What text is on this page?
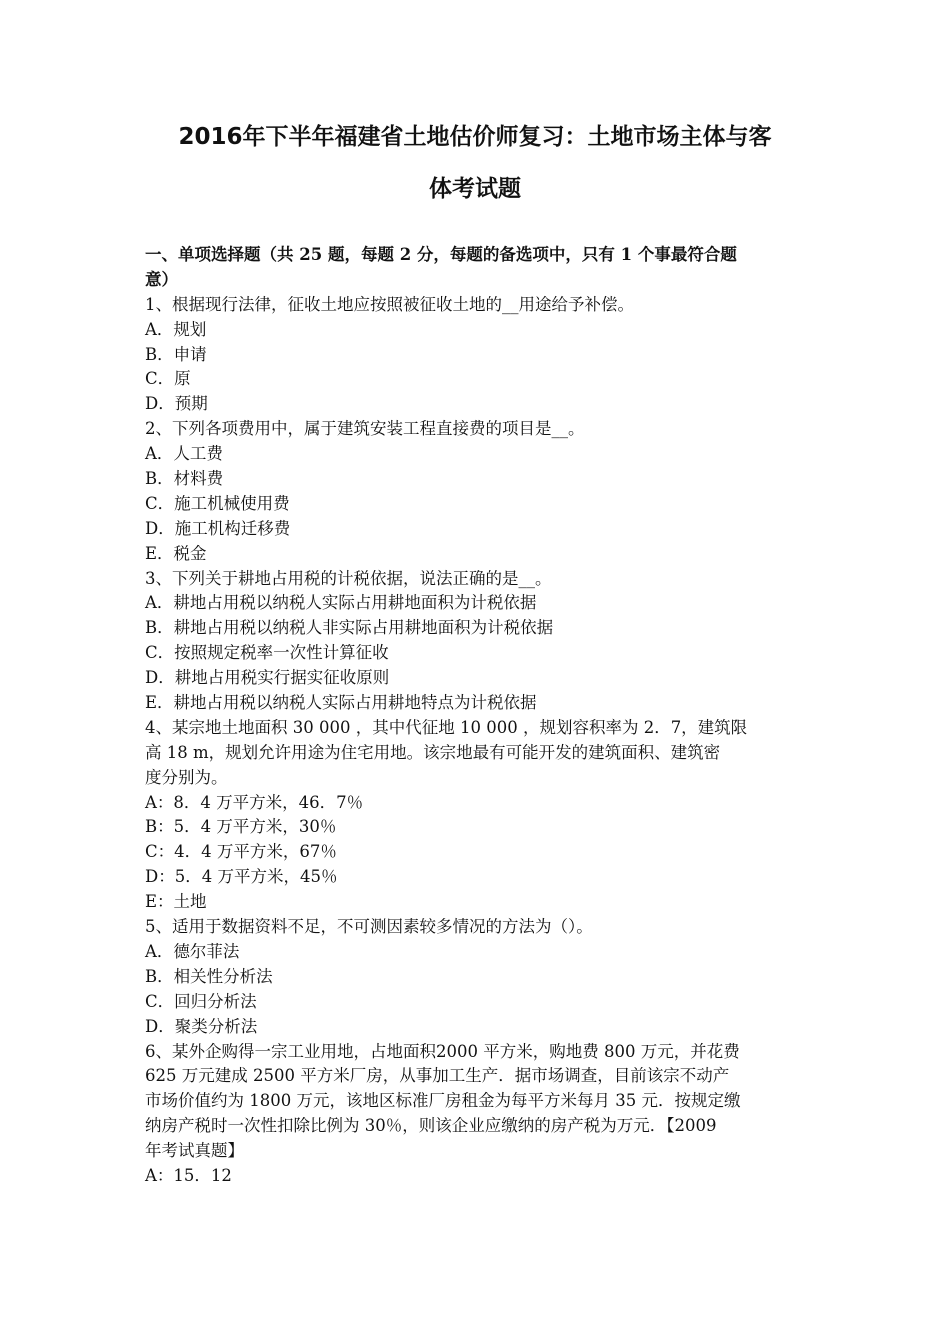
2016年下半年福建省土地估价师复习：土地市场主体与客
体考试题
一、单项选择题（共 25 题，每题 2 分，每题的备选项中，只有 1 个事最符合题
意）
1、根据现行法律，征收土地应按照被征收土地的__用途给予补偿。
A．规划
B．申请
C．原
D．预期
2、下列各项费用中，属于建筑安装工程直接费的项目是__。
A．人工费
B．材料费
C．施工机械使用费
D．施工机构迁移费
E．税金
3、下列关于耕地占用税的计税依据，说法正确的是__。
A．耕地占用税以纳税人实际占用耕地面积为计税依据
B．耕地占用税以纳税人非实际占用耕地面积为计税依据
C．按照规定税率一次性计算征收
D．耕地占用税实行据实征收原则
E．耕地占用税以纳税人实际占用耕地特点为计税依据
4、某宗地土地面积 30 000 ，其中代征地 10 000 ，规划容积率为 2．7，建筑限
高 18 m，规划允许用途为住宅用地。该宗地最有可能开发的建筑面积、建筑密
度分别为。
A：8．4 万平方米，46．7％
B：5．4 万平方米，30％
C：4．4 万平方米，67％
D：5．4 万平方米，45％
E：土地
5、适用于数据资料不足，不可测因素较多情况的方法为（）。
A．德尔菲法
B．相关性分析法
C．回归分析法
D．聚类分析法
6、某外企购得一宗工业用地，占地面积2000 平方米，购地费 800 万元，并花费
625 万元建成 2500 平方米厂房，从事加工生产．据市场调查，目前该宗不动产
市场价值约为 1800 万元，该地区标准厂房租金为每平方米每月 35 元．按规定缴
纳房产税时一次性扣除比例为 30％，则该企业应缴纳的房产税为万元．【2009
年考试真题】
A：15．12
